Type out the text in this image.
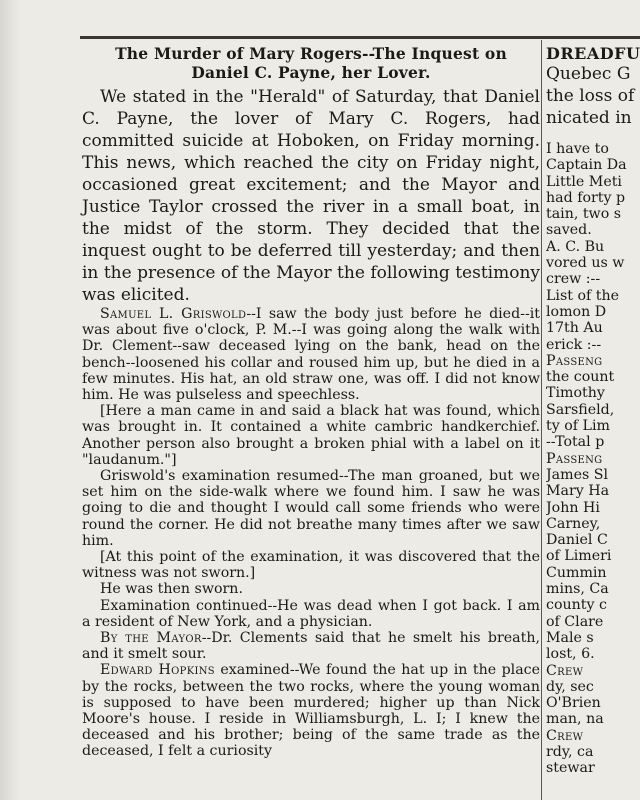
The Murder of Mary Rogers--The Inquest on
Daniel C. Payne, her Lover.

We stated in the "Herald" of Saturday, that Daniel C. Payne, the lover of Mary C. Rogers, had committed suicide at Hoboken, on Friday morning. This news, which reached the city on Friday night, occasioned great excitement; and the Mayor and Justice Taylor crossed the river in a small boat, in the midst of the storm. They decided that the inquest ought to be deferred till yesterday; and then in the presence of the Mayor the following testimony was elicited.

Samuel L. Griswold--I saw the body just before he died--it was about five o'clock, P. M.--I was going along the walk with Dr. Clement--saw deceased lying on the bank, head on the bench--loosened his collar and roused him up, but he died in a few minutes. His hat, an old straw one, was off. I did not know him. He was pulseless and speechless.

[Here a man came in and said a black hat was found, which was brought in. It contained a white cambric handkerchief. Another person also brought a broken phial with a label on it "laudanum."]

Griswold's examination resumed--The man groaned, but we set him on the side-walk where we found him. I saw he was going to die and thought I would call some friends who were round the corner. He did not breathe many times after we saw him.

[At this point of the examination, it was discovered that the witness was not sworn.]

He was then sworn.

Examination continued--He was dead when I got back. I am a resident of New York, and a physician.

By the Mayor--Dr. Clements said that he smelt his breath, and it smelt sour.

Edward Hopkins examined--We found the hat up in the place by the rocks, between the two rocks, where the young woman is supposed to have been murdered; higher up than Nick Moore's house. I reside in Williamsburgh, L. I; I knew the deceased and his brother; being of the same trade as the deceased, I felt a curiosity

DREADFU
Quebec G
the loss of
nicated in
I have to
Captain Da
Little Meti
had forty p
tain, two s
saved.
A. C. Bu
vored us w
crew :--
List of the
lomon D
17th Au
erick :--
Passeng
the count
Timothy
Sarsfield,
ty of Lim
--Total p
Passeng
James Sl
Mary Ha
John Hi
Carney,
Daniel C
of Limeri
Cummin
mins, Ca
county c
of Clare
Male s
lost, 6.
Crew
dy, sec
O'Brien
man, na
Crew
rdy, ca
stewar
